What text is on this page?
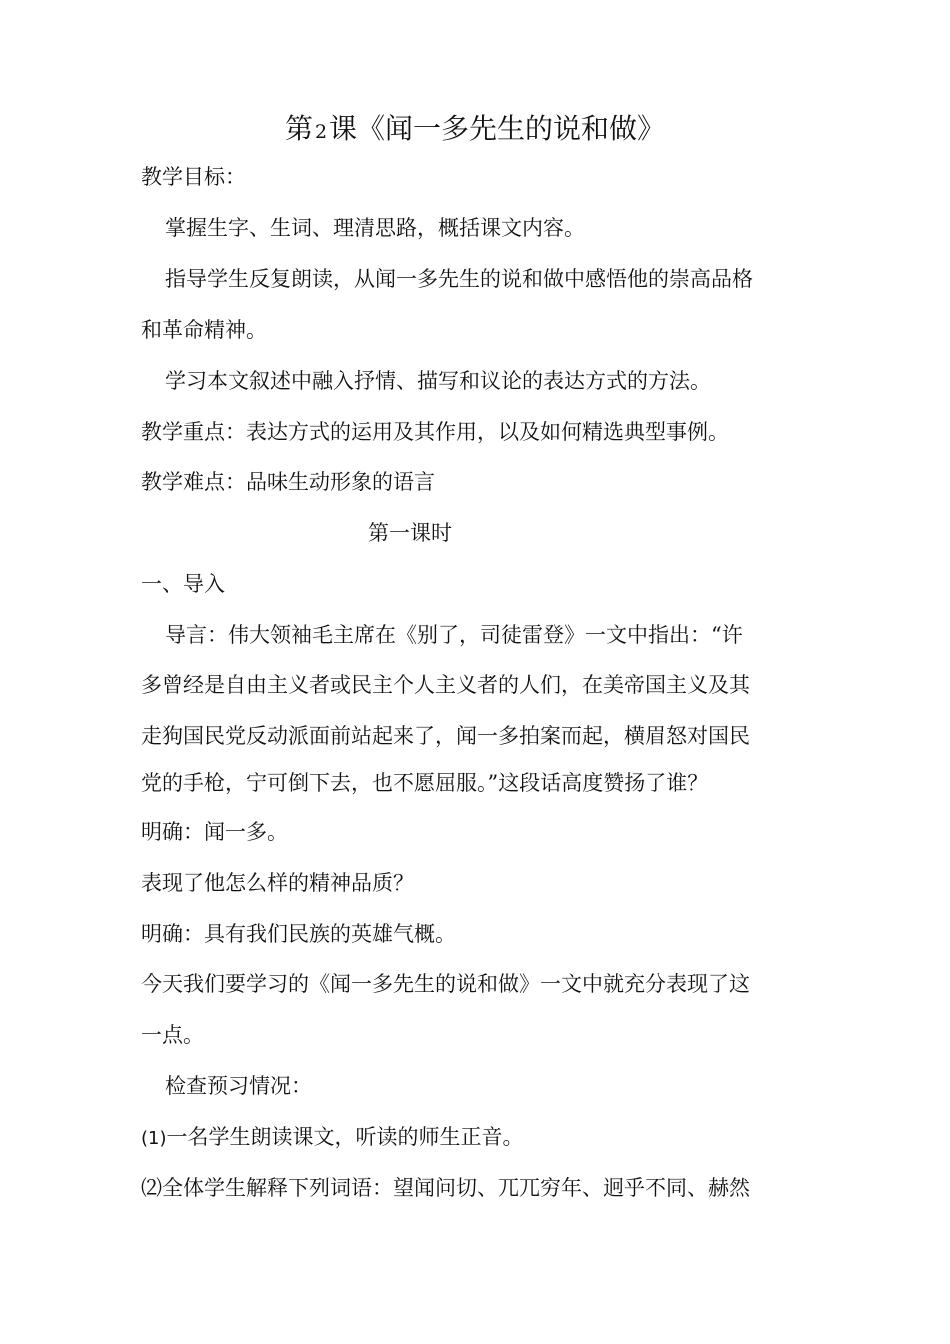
第 2课《闻一多先生的说和做》
教学目标：
掌握生字、生词、理清思路，概括课文内容。
指导学生反复朗读，从闻一多先生的说和做中感悟他的崇高品格
和革命精神。
学习本文叙述中融入抒情、描写和议论的表达方式的方法。
教学重点：表达方式的运用及其作用，以及如何精选典型事例。
教学难点：品味生动形象的语言
第一课时
一、导入
导言：伟大领袖毛主席在《别了，司徒雷登》一文中指出：“许
多曾经是自由主义者或民主个人主义者的人们，在美帝国主义及其
走狗国民党反动派面前站起来了，闻一多拍案而起，横眉怒对国民
党的手枪，宁可倒下去，也不愿屈服。”这段话高度赞扬了谁？
明确：闻一多。
表现了他怎么样的精神品质？
明确：具有我们民族的英雄气概。
今天我们要学习的《闻一多先生的说和做》一文中就充分表现了这
一点。
检查预习情况：
(1)一名学生朗读课文，听读的师生正音。
⑵全体学生解释下列词语：望闻问切、兀兀穷年、迥乎不同、赫然
